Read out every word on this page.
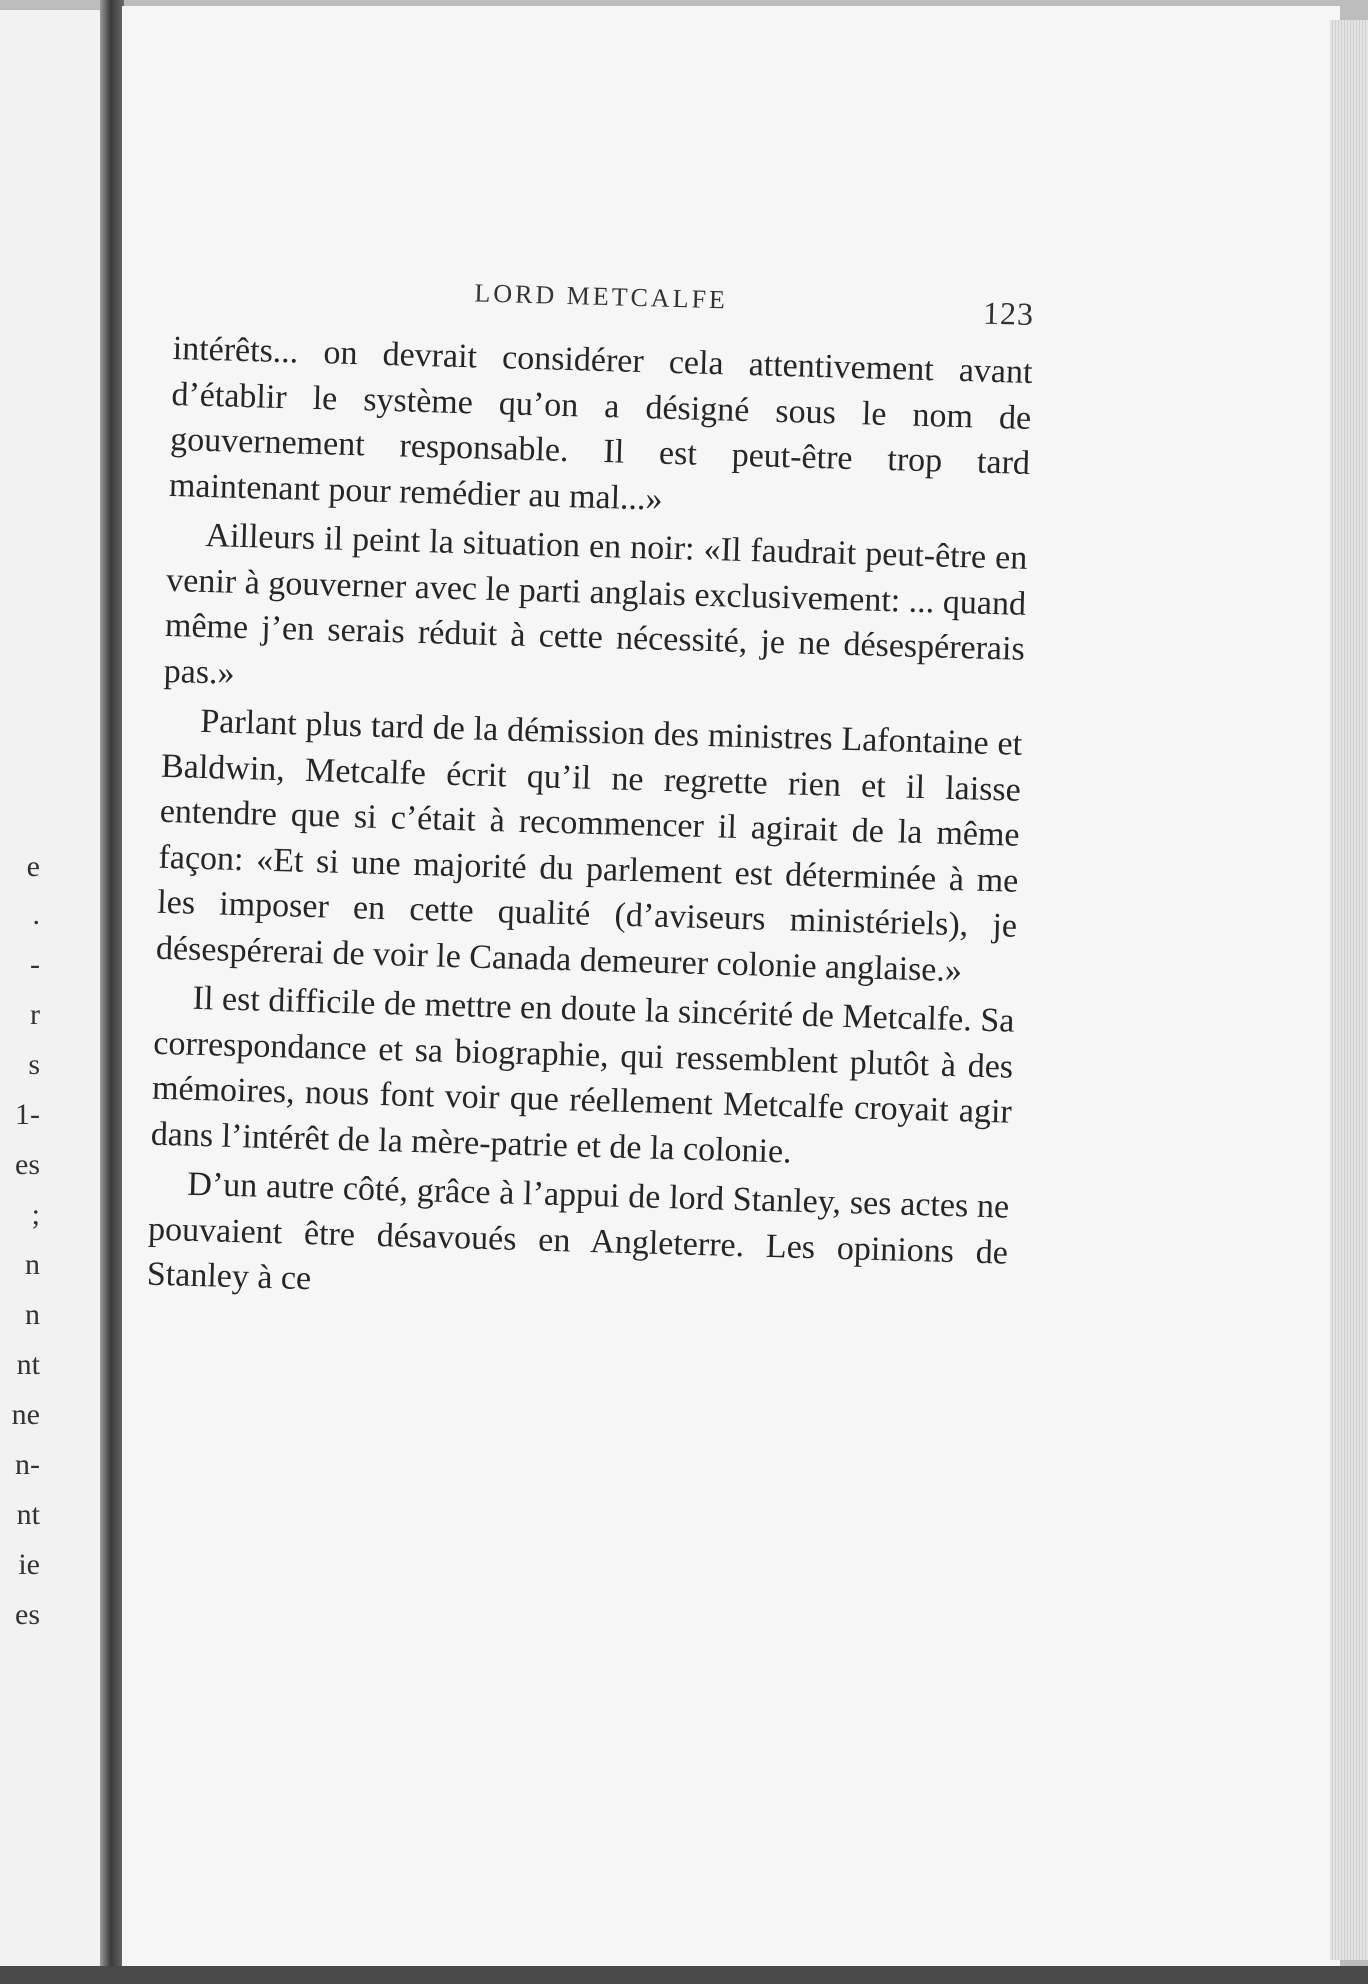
e
.
-
r
s
1-
es
;
n
n
nt
ne
n-
nt
ie
es
LORD METCALFE	123

intérêts... on devrait considérer cela attentivement avant d’établir le système qu’on a désigné sous le nom de gouvernement responsable. Il est peut-être trop tard maintenant pour remédier au mal...»

Ailleurs il peint la situation en noir: «Il faudrait peut-être en venir à gouverner avec le parti anglais exclusivement: ... quand même j’en serais réduit à cette nécessité, je ne désespérerais pas.»

Parlant plus tard de la démission des ministres Lafontaine et Baldwin, Metcalfe écrit qu’il ne regrette rien et il laisse entendre que si c’était à recommencer il agirait de la même façon: «Et si une majorité du parlement est déterminée à me les imposer en cette qualité (d’aviseurs ministériels), je désespérerai de voir le Canada demeurer colonie anglaise.»

Il est difficile de mettre en doute la sincérité de Metcalfe. Sa correspondance et sa biographie, qui ressemblent plutôt à des mémoires, nous font voir que réellement Metcalfe croyait agir dans l’intérêt de la mère-patrie et de la colonie.

D’un autre côté, grâce à l’appui de lord Stanley, ses actes ne pouvaient être désavoués en Angleterre. Les opinions de Stanley à ce
